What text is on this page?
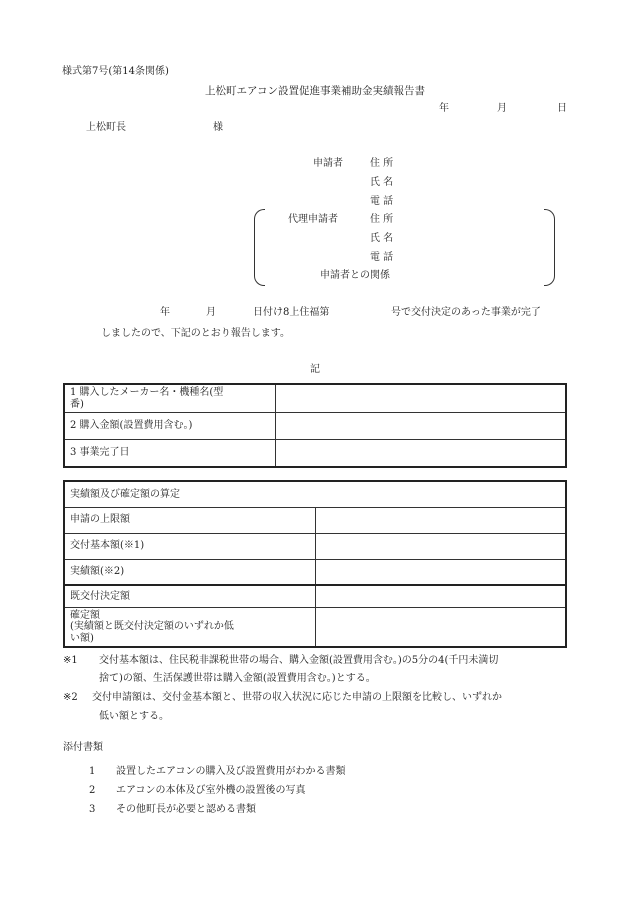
様式第7号(第14条関係)
上松町エアコン設置促進事業補助金実績報告書
年	月	日
上松町長	様
申請者	住 所
氏 名
電 話
代理申請者	住 所
氏 名
電 話
申請者との関係
年	月	日付け8上住福第	号で交付決定のあった事業が完了
しましたので、下記のとおり報告します。
記
1 購入したメーカー名・機種名(型
番)	

2 購入金額(設置費用含む。)	
3 事業完了日	
実績額及び確定額の算定	
申請の上限額	
交付基本額(※1)	
実績額(※2)	
既交付決定額	

確定額
(実績額と既交付決定額のいずれか低
い額)	

※1 交付基本額は、住民税非課税世帯の場合、購入金額(設置費用含む。)の5分の4(千円未満切
捨て)の額、生活保護世帯は購入金額(設置費用含む。)とする。
※2 交付申請額は、交付金基本額と、世帯の収入状況に応じた申請の上限額を比較し、いずれか
低い額とする。
添付書類
1 設置したエアコンの購入及び設置費用がわかる書類
2 エアコンの本体及び室外機の設置後の写真
3 その他町長が必要と認める書類
